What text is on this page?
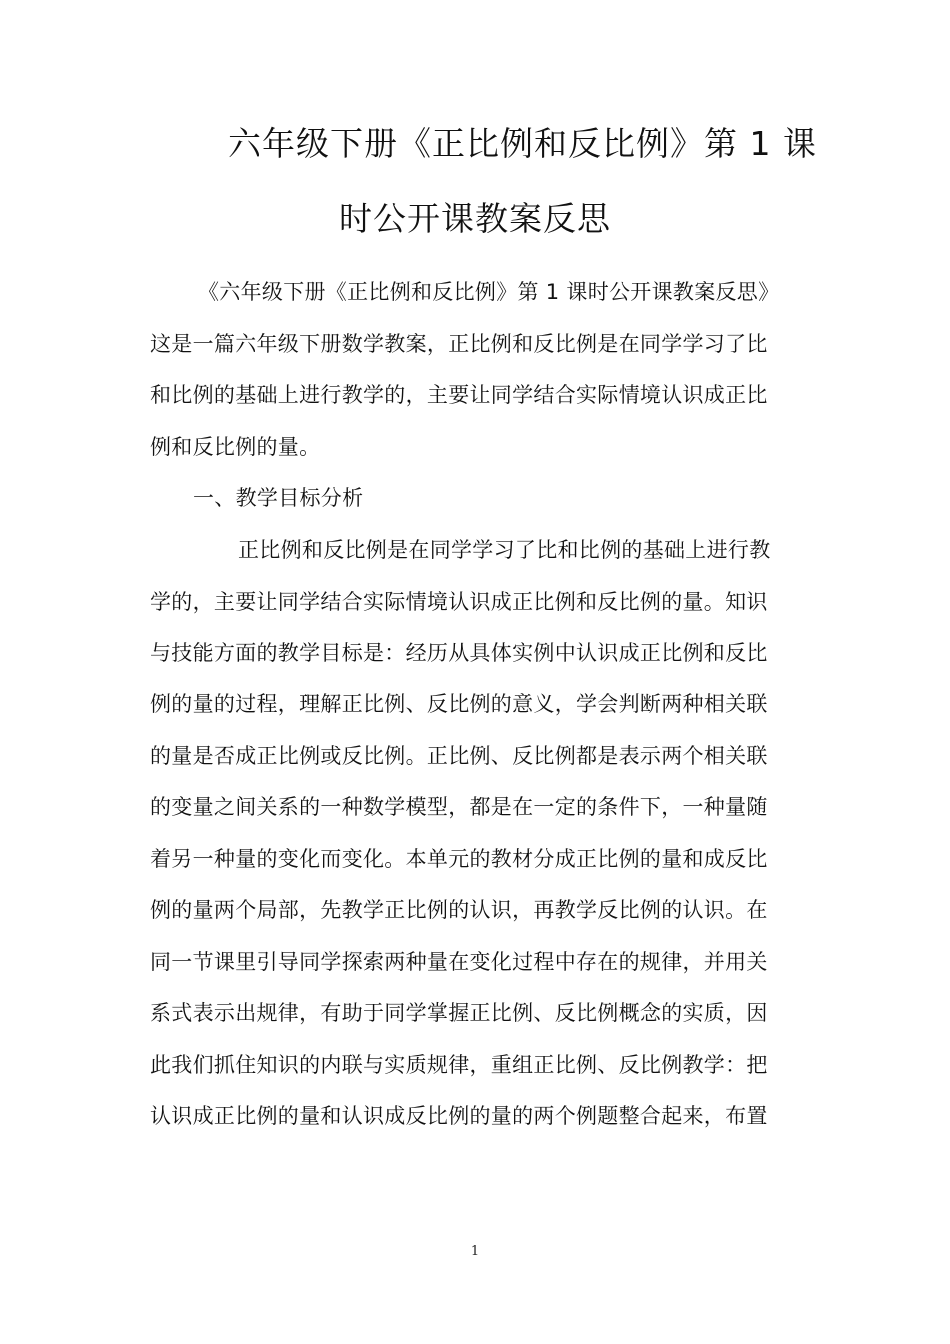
六年级下册《正比例和反比例》第 1 课
时公开课教案反思
《六年级下册《正比例和反比例》第 1 课时公开课教案反思》
这是一篇六年级下册数学教案，正比例和反比例是在同学学习了比
和比例的基础上进行教学的，主要让同学结合实际情境认识成正比
例和反比例的量。
一、教学目标分析
正比例和反比例是在同学学习了比和比例的基础上进行教
学的，主要让同学结合实际情境认识成正比例和反比例的量。知识
与技能方面的教学目标是：经历从具体实例中认识成正比例和反比
例的量的过程，理解正比例、反比例的意义，学会判断两种相关联
的量是否成正比例或反比例。正比例、反比例都是表示两个相关联
的变量之间关系的一种数学模型，都是在一定的条件下，一种量随
着另一种量的变化而变化。本单元的教材分成正比例的量和成反比
例的量两个局部，先教学正比例的认识，再教学反比例的认识。在
同一节课里引导同学探索两种量在变化过程中存在的规律，并用关
系式表示出规律，有助于同学掌握正比例、反比例概念的实质，因
此我们抓住知识的内联与实质规律，重组正比例、反比例教学：把
认识成正比例的量和认识成反比例的量的两个例题整合起来，布置
1
